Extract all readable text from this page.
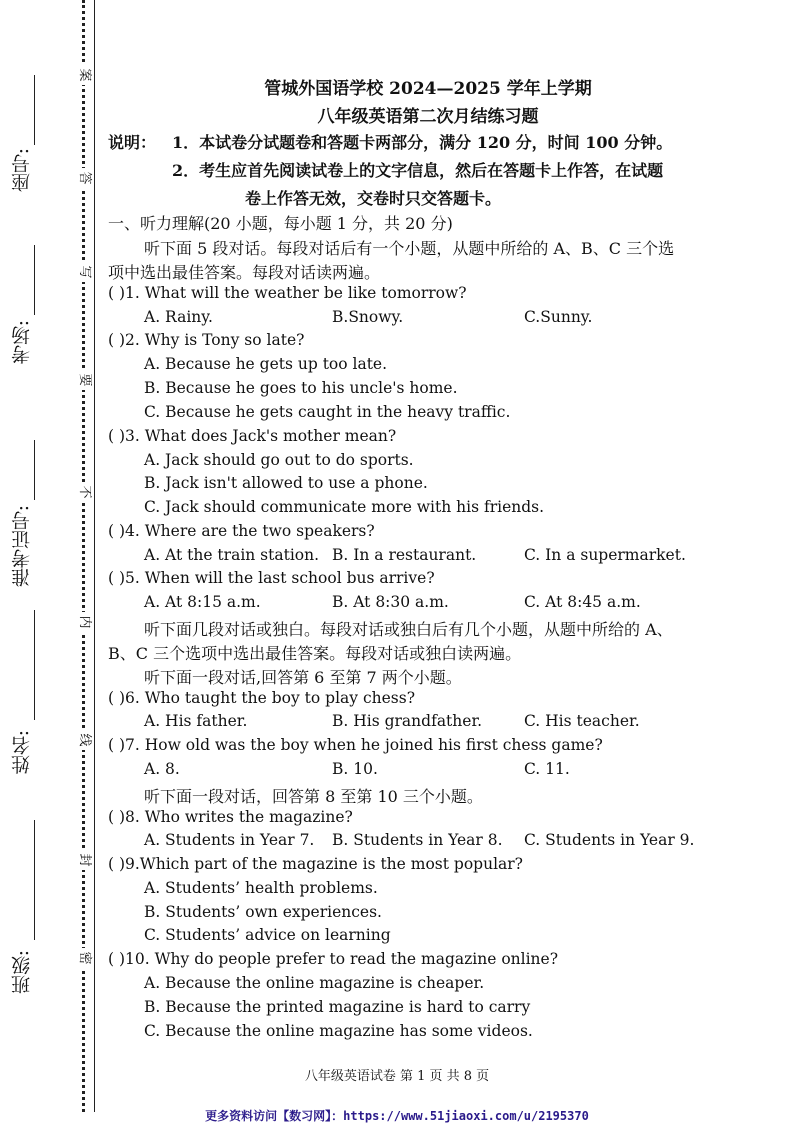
座号:
考场:
准考证号:
姓名:
班级:
案
答
写
要
不
内
线
封
密
管城外国语学校 2024—2025 学年上学期
八年级英语第二次月结练习题
说明： 1．本试卷分试题卷和答题卡两部分，满分 120 分，时间 100 分钟。
2．考生应首先阅读试卷上的文字信息，然后在答题卡上作答，在试题
卷上作答无效，交卷时只交答题卡。
一、听力理解(20 小题，每小题 1 分，共 20 分)
听下面 5 段对话。每段对话后有一个小题，从题中所给的 A、B、C 三个选
项中选出最佳答案。每段对话读两遍。
( )1. What will the weather be like tomorrow?
A. Rainy.	B.Snowy.	C.Sunny.
( )2. Why is Tony so late?
A. Because he gets up too late.
B. Because he goes to his uncle's home.
C. Because he gets caught in the heavy traffic.
( )3. What does Jack's mother mean?
A. Jack should go out to do sports.
B. Jack isn't allowed to use a phone.
C. Jack should communicate more with his friends.
( )4. Where are the two speakers?
A. At the train station. B. In a restaurant.	C. In a supermarket.
( )5. When will the last school bus arrive?
A. At 8:15 a.m.	B. At 8:30 a.m.	C. At 8:45 a.m.
听下面几段对话或独白。每段对话或独白后有几个小题，从题中所给的 A、
B、C 三个选项中选出最佳答案。每段对话或独白读两遍。
听下面一段对话,回答第 6 至第 7 两个小题。
( )6. Who taught the boy to play chess?
A. His father.	B. His grandfather.	C. His teacher.
( )7. How old was the boy when he joined his first chess game?
A. 8.	B. 10.	C. 11.
听下面一段对话，回答第 8 至第 10 三个小题。
( )8. Who writes the magazine?
A. Students in Year 7. B. Students in Year 8. C. Students in Year 9.
( )9.Which part of the magazine is the most popular?
A. Students’ health problems.
B. Students’ own experiences.
C. Students’ advice on learning
( )10. Why do people prefer to read the magazine online?
A. Because the online magazine is cheaper.
B. Because the printed magazine is hard to carry
C. Because the online magazine has some videos.
八年级英语试卷 第 1 页 共 8 页
更多资料访问【数习网】：https://www.51jiaoxi.com/u/2195370
